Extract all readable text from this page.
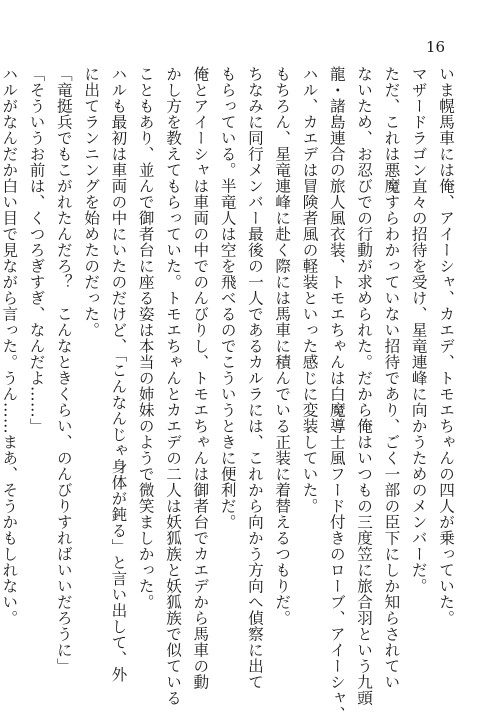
16

いま幌馬車には俺、アイーシャ、カエデ、トモエちゃんの四人が乗っていた。

マザードラゴン直々の招待を受け、星竜連峰に向かうためのメンバーだ。

ただ、これは悪魔すらわかっていない招待であり、ごく一部の臣下にしか知らされてい

ないため、お忍びでの行動が求められた。だから俺はいつもの三度笠に旅合羽という九頭

龍・諸島連合の旅人風衣装、トモエちゃんは白魔導士風フード付きのローブ、アイーシャ、

ハル、カエデは冒険者風の軽装といった感じに変装していた。

もちろん、星竜連峰に赴く際には馬車に積んでいる正装に着替えるつもりだ。

ちなみに同行メンバー最後の一人であるカルラには、これから向かう方向へ偵察に出て

もらっている。半竜人は空を飛べるのでこういうときに便利だ。

俺とアイーシャは車両の中でのんびりし、トモエちゃんは御者台でカエデから馬車の動

かし方を教えてもらっていた。トモエちゃんとカエデの二人は妖狐族と妖狐族で似ている

こともあり、並んで御者台に座る姿は本当の姉妹のようで微笑ましかった。

ハルも最初は車両の中にいたのだけど、「こんなんじゃ身体が鈍る」と言い出して、外

に出てランニングを始めたのだった。

「竜挺兵でもこがれたんだろ？　こんなときくらい、のんびりすればいいだろうに」

「そういうお前は、くつろぎすぎ、なんだよ……」

ハルがなんだか白い目で見ながら言った。うん……まあ、そうかもしれない。
